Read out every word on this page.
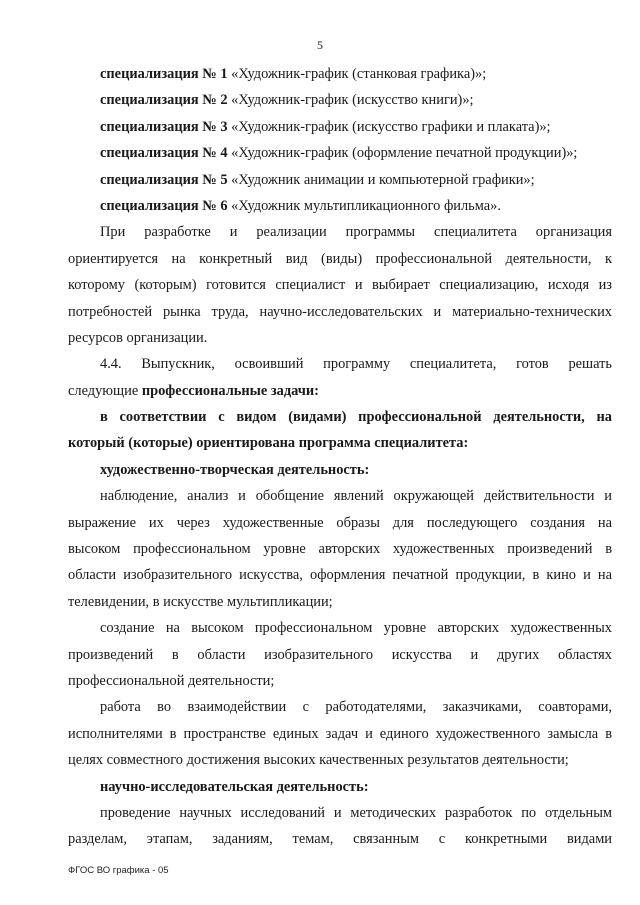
5
специализация № 1 «Художник-график (станковая графика)»;
специализация № 2 «Художник-график (искусство книги)»;
специализация № 3 «Художник-график (искусство графики и плаката)»;
специализация № 4 «Художник-график (оформление печатной продукции)»;
специализация № 5 «Художник анимации и компьютерной графики»;
специализация № 6 «Художник мультипликационного фильма».
При разработке и реализации программы специалитета организация
ориентируется на конкретный вид (виды) профессиональной деятельности, к
которому (которым) готовится специалист и выбирает специализацию, исходя из
потребностей рынка труда, научно-исследовательских и материально-технических
ресурсов организации.
4.4. Выпускник, освоивший программу специалитета, готов решать
следующие профессиональные задачи:
в соответствии с видом (видами) профессиональной деятельности, на
который (которые) ориентирована программа специалитета:
художественно-творческая деятельность:
наблюдение, анализ и обобщение явлений окружающей действительности и
выражение их через художественные образы для последующего создания на
высоком профессиональном уровне авторских художественных произведений в
области изобразительного искусства, оформления печатной продукции, в кино и на
телевидении, в искусстве мультипликации;
создание на высоком профессиональном уровне авторских художественных
произведений в области изобразительного искусства и других областях
профессиональной деятельности;
работа во взаимодействии с работодателями, заказчиками, соавторами,
исполнителями в пространстве единых задач и единого художественного замысла в
целях совместного достижения высоких качественных результатов деятельности;
научно-исследовательская деятельность:
проведение научных исследований и методических разработок по отдельным
разделам, этапам, заданиям, темам, связанным с конкретными видами
ФГОС ВО графика - 05
